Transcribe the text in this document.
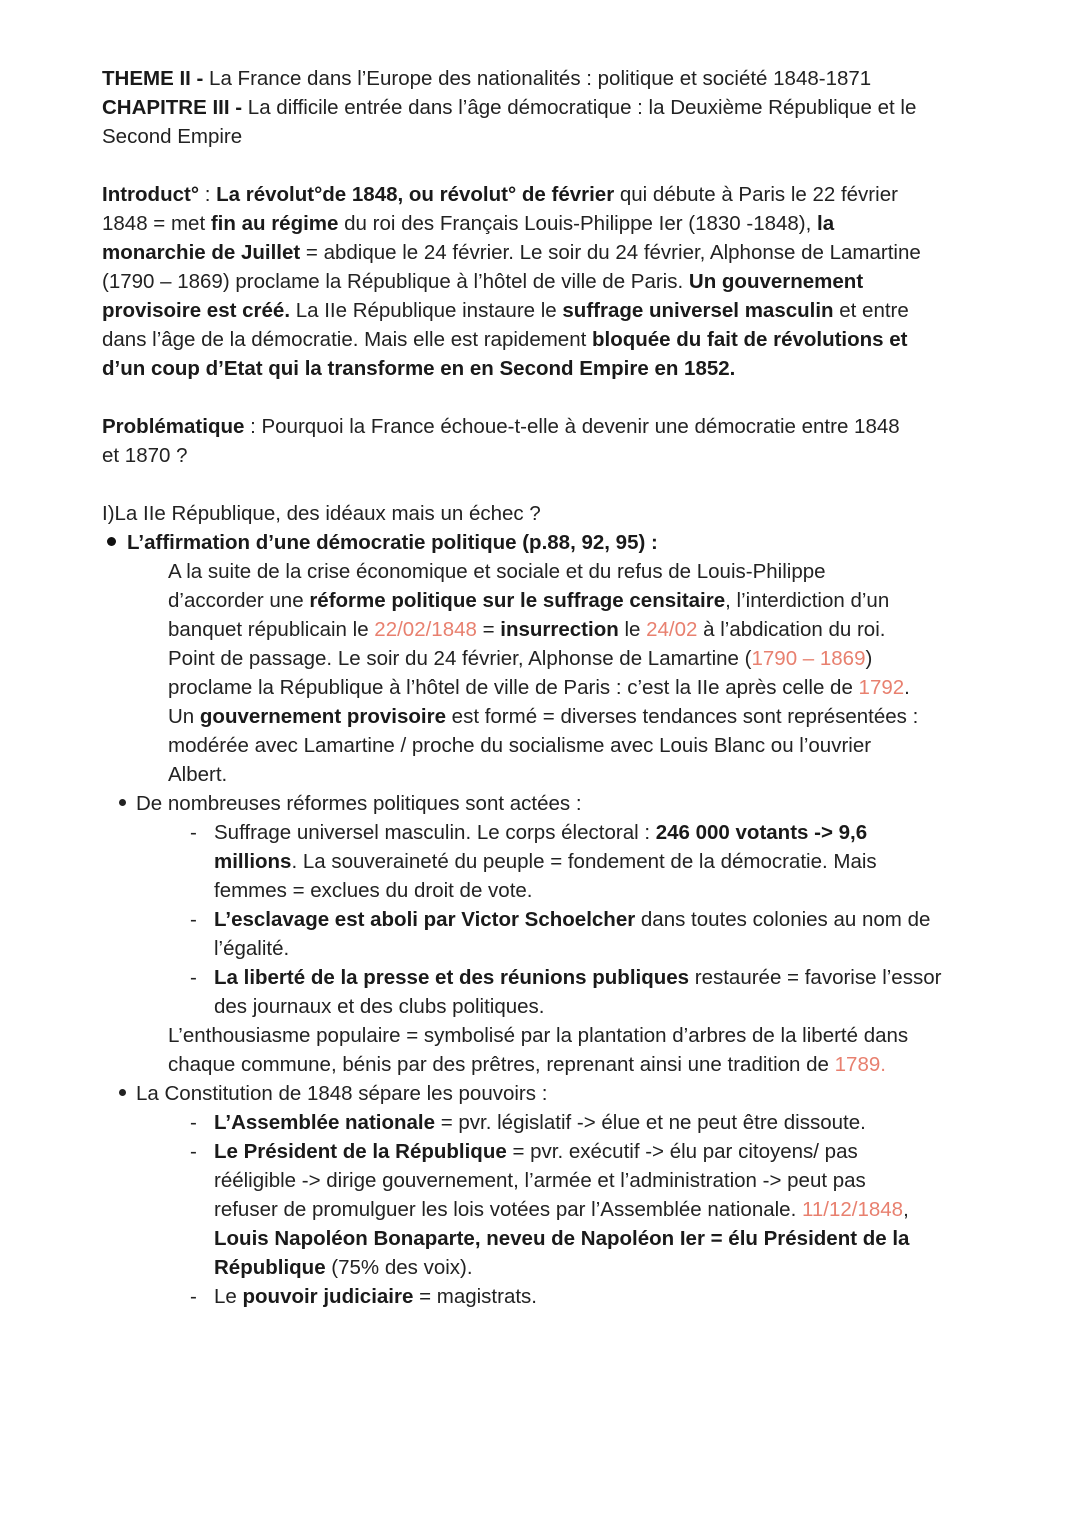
THEME II - La France dans l’Europe des nationalités : politique et société 1848-1871
CHAPITRE III - La difficile entrée dans l’âge démocratique : la Deuxième République et le
Second Empire
Introduct° : La révolut°de 1848, ou révolut° de février qui débute à Paris le 22 février
1848 = met fin au régime du roi des Français Louis-Philippe Ier (1830 -1848), la
monarchie de Juillet = abdique le 24 février. Le soir du 24 février, Alphonse de Lamartine
(1790 – 1869) proclame la République à l’hôtel de ville de Paris. Un gouvernement
provisoire est créé. La IIe République instaure le suffrage universel masculin et entre
dans l’âge de la démocratie. Mais elle est rapidement bloquée du fait de révolutions et
d’un coup d’Etat qui la transforme en en Second Empire en 1852.
Problématique : Pourquoi la France échoue-t-elle à devenir une démocratie entre 1848
et 1870 ?
I)La IIe République, des idéaux mais un échec ?
L’affirmation d’une démocratie politique (p.88, 92, 95) :
A la suite de la crise économique et sociale et du refus de Louis-Philippe
d’accorder une réforme politique sur le suffrage censitaire, l’interdiction d’un
banquet républicain le 22/02/1848 = insurrection le 24/02 à l’abdication du roi.
Point de passage. Le soir du 24 février, Alphonse de Lamartine (1790 – 1869)
proclame la République à l’hôtel de ville de Paris : c’est la IIe après celle de 1792.
Un gouvernement provisoire est formé = diverses tendances sont représentées :
modérée avec Lamartine / proche du socialisme avec Louis Blanc ou l’ouvrier
Albert.
De nombreuses réformes politiques sont actées :
- Suffrage universel masculin. Le corps électoral : 246 000 votants -> 9,6
millions. La souveraineté du peuple = fondement de la démocratie. Mais
femmes = exclues du droit de vote.
- L’esclavage est aboli par Victor Schoelcher dans toutes colonies au nom de
l’égalité.
- La liberté de la presse et des réunions publiques restaurée = favorise l’essor
des journaux et des clubs politiques.
L’enthousiasme populaire = symbolisé par la plantation d’arbres de la liberté dans
chaque commune, bénis par des prêtres, reprenant ainsi une tradition de 1789.
La Constitution de 1848 sépare les pouvoirs :
- L’Assemblée nationale = pvr. législatif -> élue et ne peut être dissoute.
- Le Président de la République = pvr. exécutif -> élu par citoyens/ pas
rééligible -> dirige gouvernement, l’armée et l’administration -> peut pas
refuser de promulguer les lois votées par l’Assemblée nationale. 11/12/1848,
Louis Napoléon Bonaparte, neveu de Napoléon Ier = élu Président de la
République (75% des voix).
- Le pouvoir judiciaire = magistrats.
